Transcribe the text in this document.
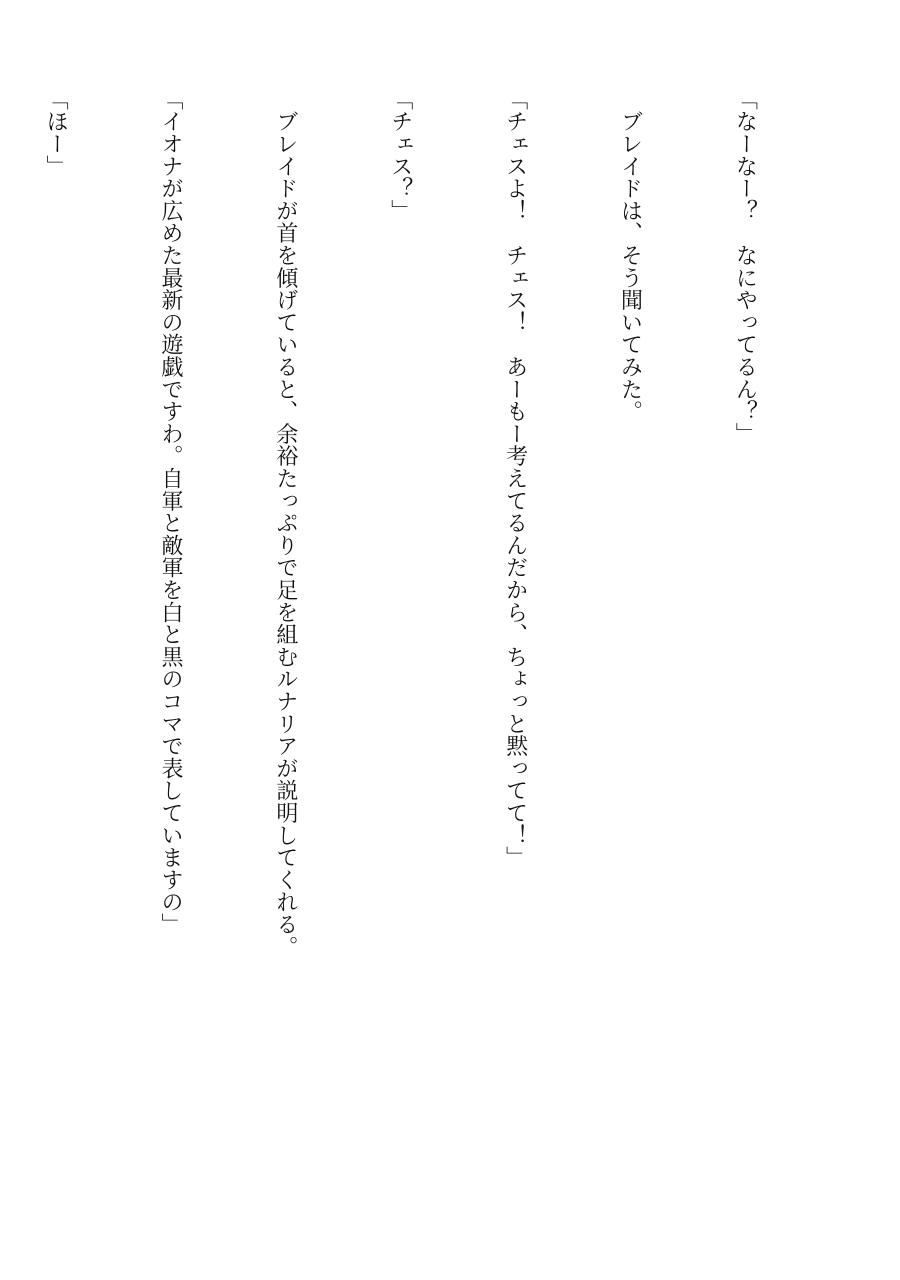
「なーなー？　なにやってるん？」

　ブレイドは、そう聞いてみた。

「チェスよ！　チェス！　あーもー考えてるんだから、ちょっと黙ってて！」

「チェス？」

　ブレイドが首を傾げていると、余裕たっぷりで足を組むルナリアが説明してくれる。

「イオナが広めた最新の遊戯ですわ。自軍と敵軍を白と黒のコマで表していますの」

「ほー」
